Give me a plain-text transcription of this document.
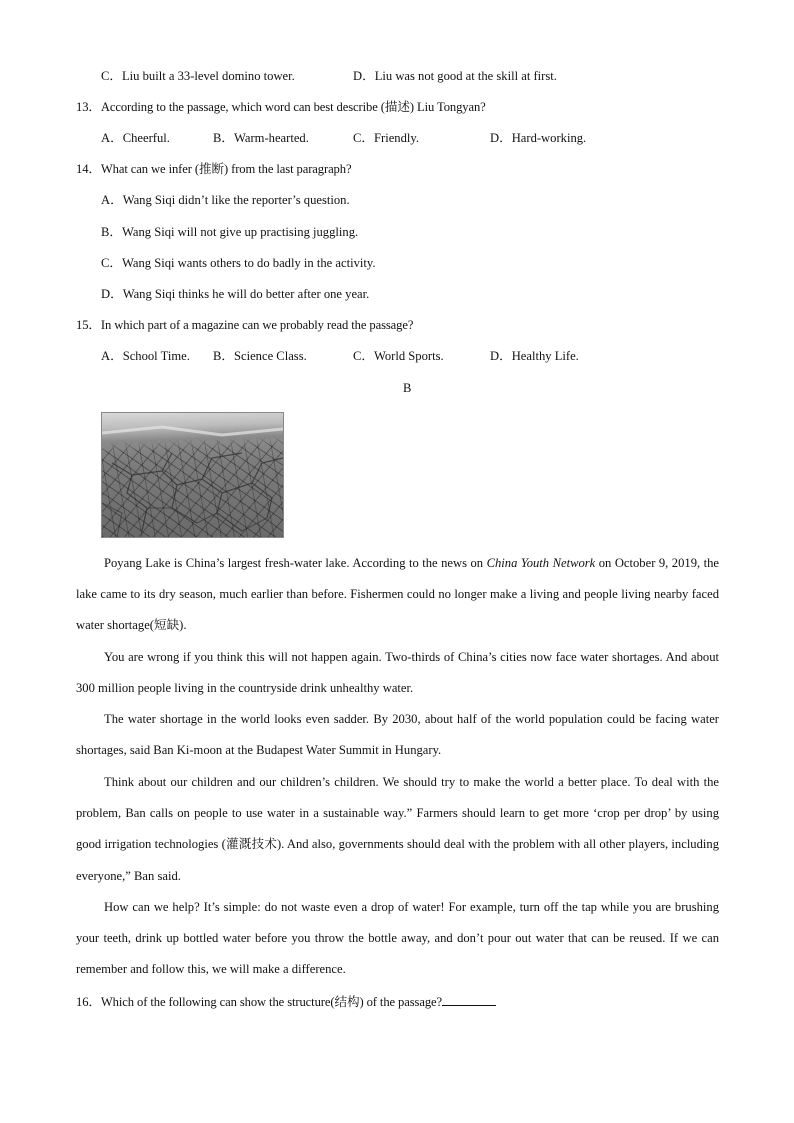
C．Liu built a 33-level domino tower.	D．Liu was not good at the skill at first.
13．According to the passage, which word can best describe (描述) Liu Tongyan?
A．Cheerful.	B．Warm-hearted.	C．Friendly.	D．Hard-working.
14．What can we infer (推断) from the last paragraph?
A．Wang Siqi didn’t like the reporter’s question.
B．Wang Siqi will not give up practising juggling.
C．Wang Siqi wants others to do badly in the activity.
D．Wang Siqi thinks he will do better after one year.
15．In which part of a magazine can we probably read the passage?
A．School Time. B．Science Class.	C．World Sports.	D．Healthy Life.
B
Poyang Lake is China’s largest fresh-water lake. According to the news on China Youth Network on October 9, 2019, the lake came to its dry season, much earlier than before. Fishermen could no longer make a living and people living nearby faced water shortage(短缺).
You are wrong if you think this will not happen again. Two-thirds of China’s cities now face water shortages. And about 300 million people living in the countryside drink unhealthy water.
The water shortage in the world looks even sadder. By 2030, about half of the world population could be facing water shortages, said Ban Ki-moon at the Budapest Water Summit in Hungary.
Think about our children and our children’s children. We should try to make the world a better place. To deal with the problem, Ban calls on people to use water in a sustainable way.” Farmers should learn to get more ‘crop per drop’ by using good irrigation technologies (灌溉技术). And also, governments should deal with the problem with all other players, including everyone,” Ban said.
How can we help? It’s simple: do not waste even a drop of water! For example, turn off the tap while you are brushing your teeth, drink up bottled water before you throw the bottle away, and don’t pour out water that can be reused. If we can remember and follow this, we will make a difference.
16．Which of the following can show the structure(结构) of the passage?
